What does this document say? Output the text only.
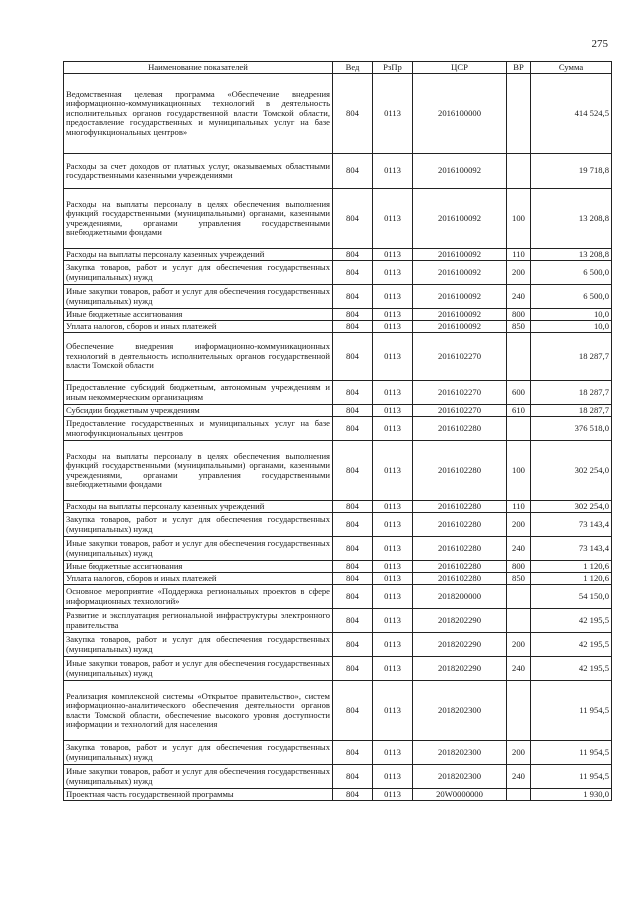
275
Наименование показателей	Вед	РзПр	ЦСР	ВР	Сумма
Ведомственная целевая программа «Обеспечение внедрения информационно-коммуникационных технологий в деятельность исполнительных органов государственной власти Томской области, предоставление государственных и муниципальных услуг на базе многофункциональных центров»	804	0113	2016100000		414 524,5
Расходы за счет доходов от платных услуг, оказываемых областными государственными казенными учреждениями	804	0113	2016100092		19 718,8
Расходы на выплаты персоналу в целях обеспечения выполнения функций государственными (муниципальными) органами, казенными учреждениями, органами управления государственными внебюджетными фондами	804	0113	2016100092	100	13 208,8
Расходы на выплаты персоналу казенных учреждений	804	0113	2016100092	110	13 208,8
Закупка товаров, работ и услуг для обеспечения государственных (муниципальных) нужд	804	0113	2016100092	200	6 500,0
Иные закупки товаров, работ и услуг для обеспечения государственных (муниципальных) нужд	804	0113	2016100092	240	6 500,0
Иные бюджетные ассигнования	804	0113	2016100092	800	10,0
Уплата налогов, сборов и иных платежей	804	0113	2016100092	850	10,0
Обеспечение внедрения информационно-коммуникационных технологий в деятельность исполнительных органов государственной власти Томской области	804	0113	2016102270		18 287,7
Предоставление субсидий бюджетным, автономным учреждениям и иным некоммерческим организациям	804	0113	2016102270	600	18 287,7
Субсидии бюджетным учреждениям	804	0113	2016102270	610	18 287,7
Предоставление государственных и муниципальных услуг на базе многофункциональных центров	804	0113	2016102280		376 518,0
Расходы на выплаты персоналу в целях обеспечения выполнения функций государственными (муниципальными) органами, казенными учреждениями, органами управления государственными внебюджетными фондами	804	0113	2016102280	100	302 254,0
Расходы на выплаты персоналу казенных учреждений	804	0113	2016102280	110	302 254,0
Закупка товаров, работ и услуг для обеспечения государственных (муниципальных) нужд	804	0113	2016102280	200	73 143,4
Иные закупки товаров, работ и услуг для обеспечения государственных (муниципальных) нужд	804	0113	2016102280	240	73 143,4
Иные бюджетные ассигнования	804	0113	2016102280	800	1 120,6
Уплата налогов, сборов и иных платежей	804	0113	2016102280	850	1 120,6
Основное мероприятие «Поддержка региональных проектов в сфере информационных технологий»	804	0113	2018200000		54 150,0
Развитие и эксплуатация региональной инфраструктуры электронного правительства	804	0113	2018202290		42 195,5
Закупка товаров, работ и услуг для обеспечения государственных (муниципальных) нужд	804	0113	2018202290	200	42 195,5
Иные закупки товаров, работ и услуг для обеспечения государственных (муниципальных) нужд	804	0113	2018202290	240	42 195,5
Реализация комплексной системы «Открытое правительство», систем информационно-аналитического обеспечения деятельности органов власти Томской области, обеспечение высокого уровня доступности информации и технологий для населения	804	0113	2018202300		11 954,5
Закупка товаров, работ и услуг для обеспечения государственных (муниципальных) нужд	804	0113	2018202300	200	11 954,5
Иные закупки товаров, работ и услуг для обеспечения государственных (муниципальных) нужд	804	0113	2018202300	240	11 954,5
Проектная часть государственной программы	804	0113	20W0000000		1 930,0
